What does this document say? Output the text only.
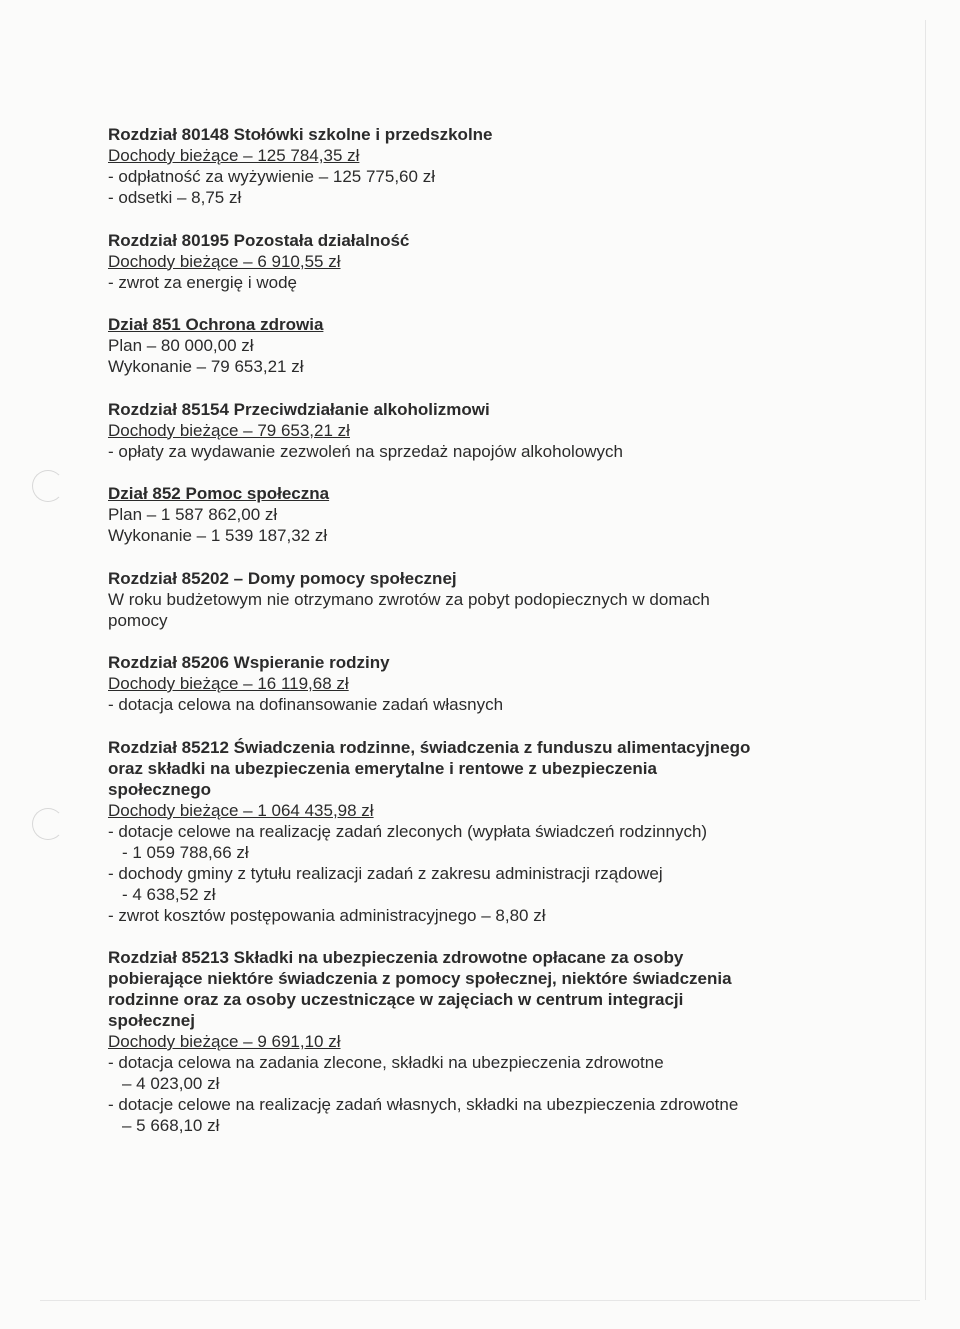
Rozdział 80148 Stołówki szkolne i przedszkolne
Dochody bieżące – 125 784,35 zł
- odpłatność za wyżywienie – 125 775,60 zł
- odsetki – 8,75 zł
Rozdział 80195 Pozostała działalność
Dochody bieżące – 6 910,55 zł
- zwrot za energię i wodę
Dział 851 Ochrona zdrowia
Plan – 80 000,00 zł
Wykonanie – 79 653,21 zł
Rozdział 85154 Przeciwdziałanie alkoholizmowi
Dochody bieżące – 79 653,21 zł
- opłaty za wydawanie zezwoleń na sprzedaż napojów alkoholowych
Dział 852 Pomoc społeczna
Plan – 1 587 862,00 zł
Wykonanie – 1 539 187,32 zł
Rozdział 85202 – Domy pomocy społecznej
W roku budżetowym nie otrzymano zwrotów za pobyt podopiecznych w domach
pomocy
Rozdział 85206 Wspieranie rodziny
Dochody bieżące – 16 119,68 zł
- dotacja celowa na dofinansowanie zadań własnych
Rozdział 85212 Świadczenia rodzinne, świadczenia z funduszu alimentacyjnego
oraz składki na ubezpieczenia emerytalne i rentowe z ubezpieczenia
społecznego
Dochody bieżące – 1 064 435,98 zł
- dotacje celowe na realizację zadań zleconych (wypłata świadczeń rodzinnych)
- 1 059 788,66 zł
- dochody gminy z tytułu realizacji zadań z zakresu administracji rządowej
- 4 638,52 zł
- zwrot kosztów postępowania administracyjnego – 8,80 zł
Rozdział 85213 Składki na ubezpieczenia zdrowotne opłacane za osoby
pobierające niektóre świadczenia z pomocy społecznej, niektóre świadczenia
rodzinne oraz za osoby uczestniczące w zajęciach w centrum integracji
społecznej
Dochody bieżące – 9 691,10 zł
- dotacja celowa na zadania zlecone, składki na ubezpieczenia zdrowotne
– 4 023,00 zł
- dotacje celowe na realizację zadań własnych, składki na ubezpieczenia zdrowotne
– 5 668,10 zł
